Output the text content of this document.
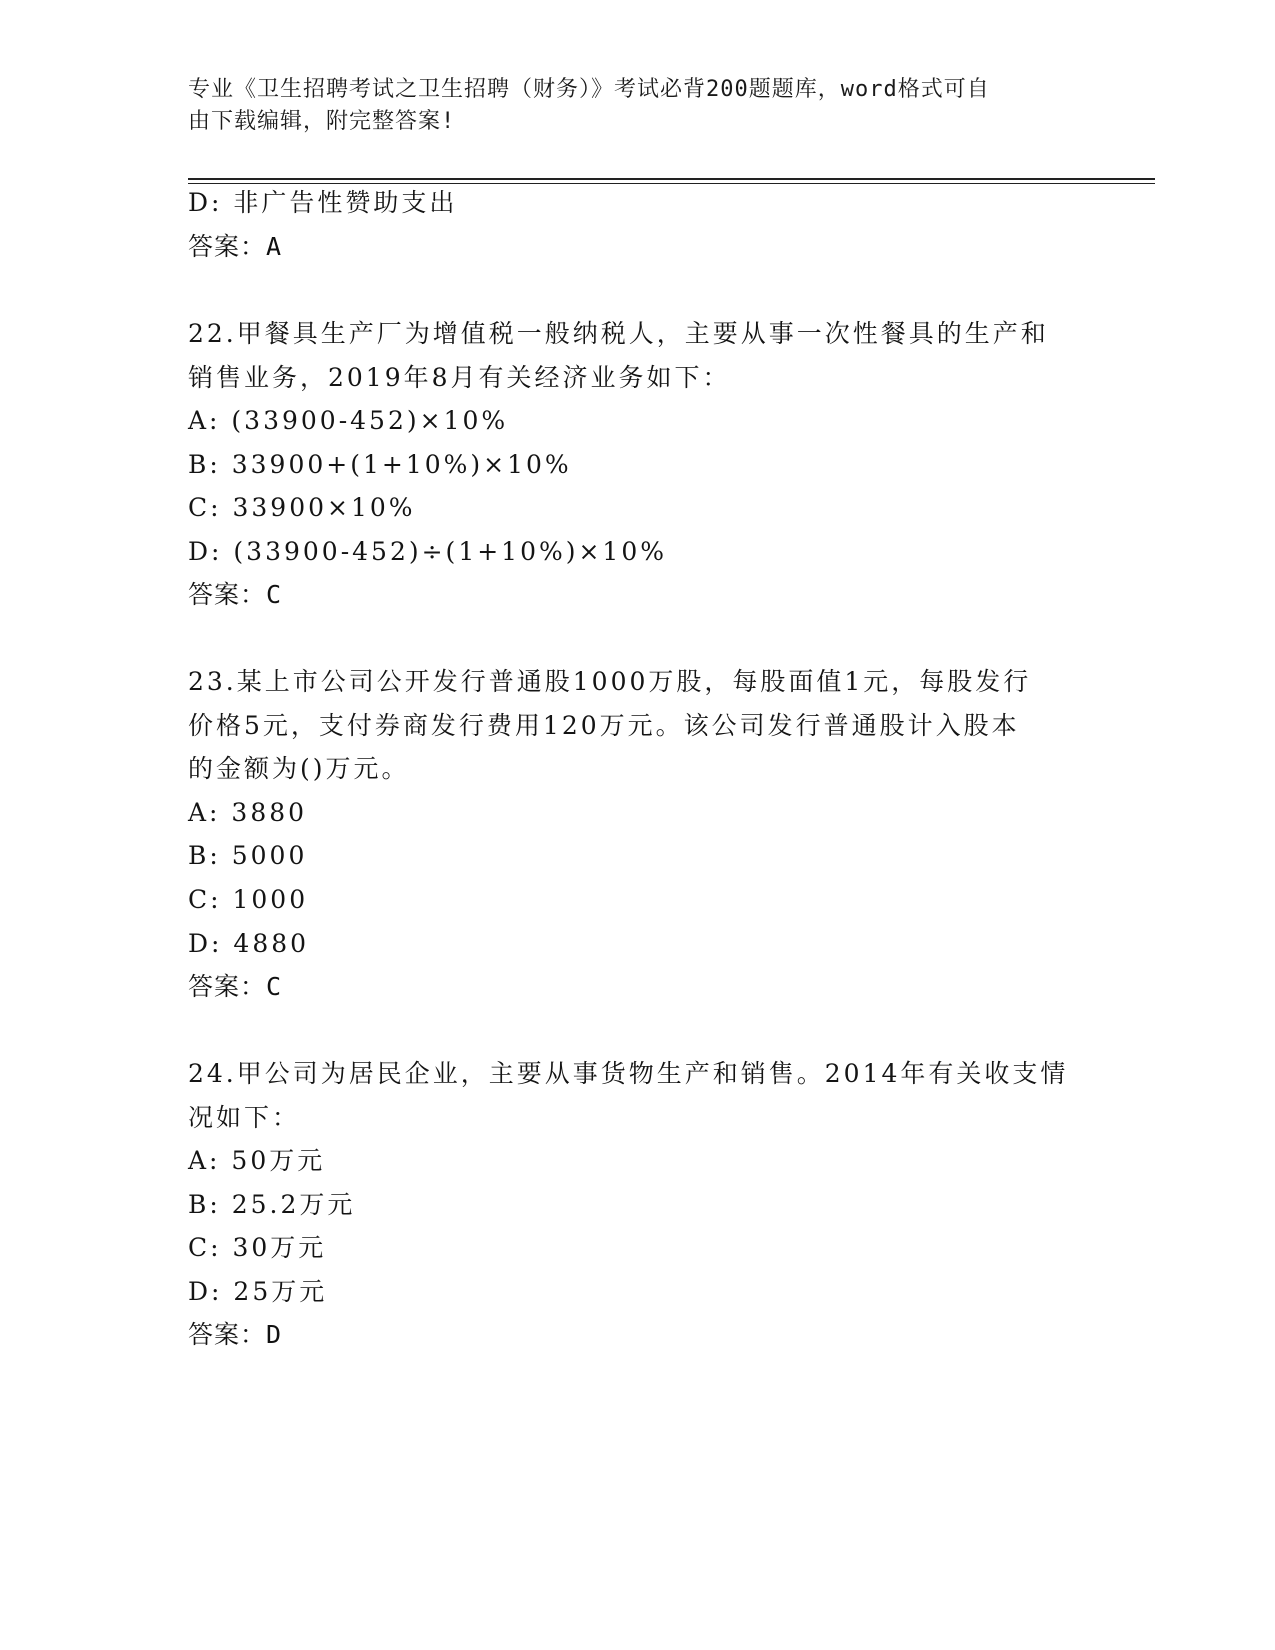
专业《卫生招聘考试之卫生招聘（财务）》考试必背200题题库，word格式可自
由下载编辑，附完整答案!
D: 非广告性赞助支出
答案：A
22.甲餐具生产厂为增值税一般纳税人，主要从事一次性餐具的生产和
销售业务，2019年8月有关经济业务如下：
A: (33900-452)×10%
B: 33900+(1+10%)×10%
C: 33900×10%
D: (33900-452)÷(1+10%)×10%
答案：C
23.某上市公司公开发行普通股1000万股，每股面值1元，每股发行
价格5元，支付券商发行费用120万元。该公司发行普通股计入股本
的金额为()万元。
A: 3880
B: 5000
C: 1000
D: 4880
答案：C
24.甲公司为居民企业，主要从事货物生产和销售。2014年有关收支情
况如下：
A: 50万元
B: 25.2万元
C: 30万元
D: 25万元
答案：D
